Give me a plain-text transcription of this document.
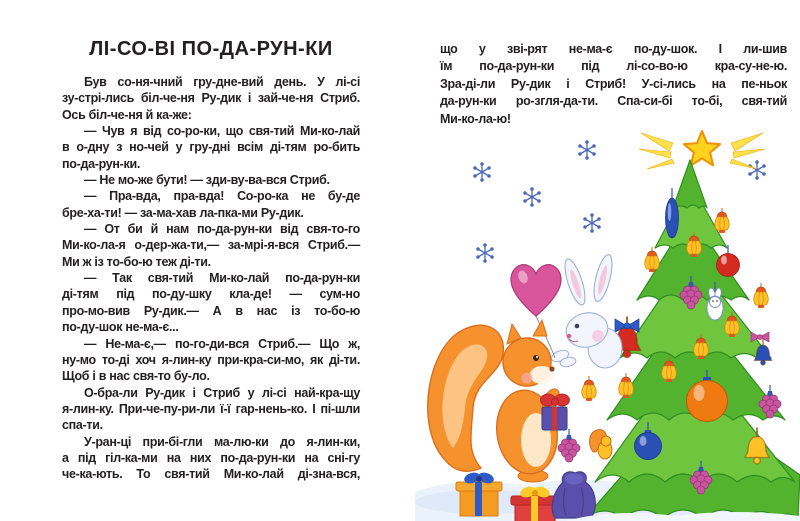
ЛІ-СО-ВІ ПО-ДА-РУН-КИ
Був со-ня-чний гру-дне-вий день. У лі-сі
зу-стрі-лись біл-че-ня Ру-дик і зай-че-ня Стриб.
Ось біл-че-ня й ка-же:
— Чув я від со-ро-ки, що свя-тий Ми-ко-лай
в о-дну з но-чей у гру-дні всім ді-тям ро-бить
по-да-рун-ки.
— Не мо-же бути! — зди-ву-ва-вся Стриб.
— Пра-вда, пра-вда! Со-ро-ка не бу-де
бре-ха-ти! — за-ма-хав ла-пка-ми Ру-дик.
— От би й нам по-да-рун-ки від свя-то-го
Ми-ко-ла-я о-дер-жа-ти,— за-мрі-я-вся Стриб.—
Ми ж із то-бо-ю теж ді-ти.
— Так свя-тий Ми-ко-лай по-да-рун-ки
ді-тям під по-ду-шку кла-де! — сум-но
про-мо-вив Ру-дик.— А в нас із то-бо-ю
по-ду-шок не-ма-є...
— Не-ма-є,— по-го-ди-вся Стриб.— Що ж,
ну-мо то-ді хоч я-лин-ку при-кра-си-мо, як ді-ти.
Щоб і в нас свя-то бу-ло.
О-бра-ли Ру-дик і Стриб у лі-сі най-кра-щу
я-лин-ку. При-че-пу-ри-ли ї-ї гар-нень-ко. І пі-шли
спа-ти.
У-ран-ці при-бі-гли ма-лю-ки до я-лин-ки,
а під гіл-ка-ми на них по-да-рун-ки на сні-гу
че-ка-ють. То свя-тий Ми-ко-лай ді-зна-вся,
що у зві-рят не-ма-є по-ду-шок. І ли-шив
їм по-да-рун-ки під лі-со-во-ю кра-су-не-ю.
Зра-ді-ли Ру-дик і Стриб! У-сі-лись на пе-ньок
да-рун-ки ро-згля-да-ти. Спа-си-бі то-бі, свя-тий
Ми-ко-ла-ю!
